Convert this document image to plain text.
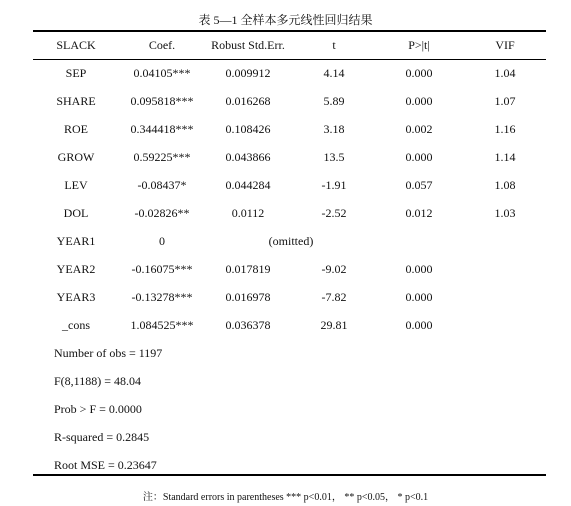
表 5—1 全样本多元线性回归结果
SLACK	Coef.	Robust Std.Err.	t	P>|t|	VIF
SEP	0.04105***	0.009912	4.14	0.000	1.04
SHARE	0.095818***	0.016268	5.89	0.000	1.07
ROE	0.344418***	0.108426	3.18	0.002	1.16
GROW	0.59225***	0.043866	13.5	0.000	1.14
LEV	-0.08437*	0.044284	-1.91	0.057	1.08
DOL	-0.02826**	0.0112	-2.52	0.012	1.03
YEAR1	0	(omitted)
YEAR2	-0.16075***	0.017819	-9.02	0.000
YEAR3	-0.13278***	0.016978	-7.82	0.000
_cons	1.084525***	0.036378	29.81	0.000
Number of obs = 1197
F(8,1188) = 48.04
Prob > F = 0.0000
R-squared = 0.2845
Root MSE = 0.23647
注：Standard errors in parentheses *** p<0.01， ** p<0.05， * p<0.1
